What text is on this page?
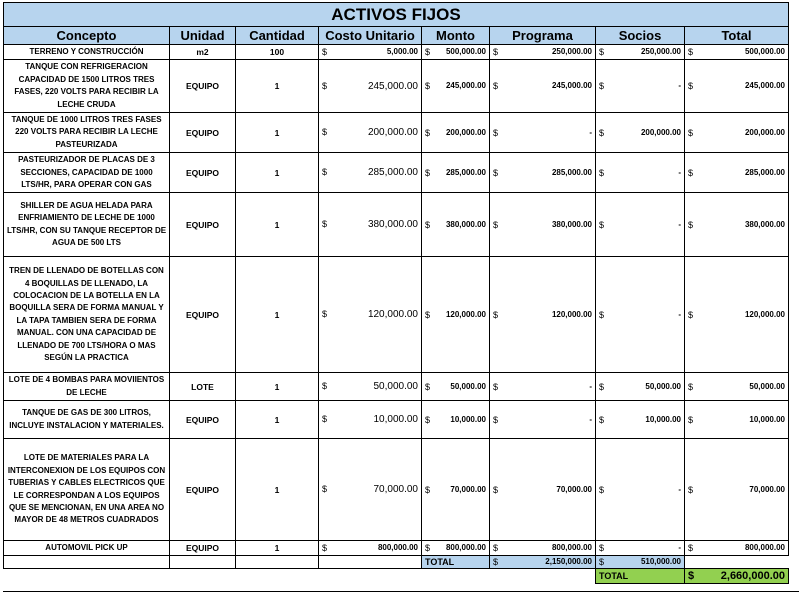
ACTIVOS FIJOS							
Concepto	Unidad	Cantidad	Costo Unitario	Monto	Programa	Socios	Total
TERRENO Y CONSTRUCCIÓN	m2	100	$ 5,000.00	$ 500,000.00	$ 250,000.00	$ 250,000.00	$ 500,000.00

TANQUE CON REFRIGERACION CAPACIDAD DE 1500 LITROS TRES FASES, 220 VOLTS PARA RECIBIR LA LECHE CRUDA	EQUIPO	1	$ 245,000.00	$ 245,000.00	$ 245,000.00	$ -	$ 245,000.00

TANQUE DE 1000 LITROS TRES FASES 220 VOLTS PARA RECIBIR LA LECHE PASTEURIZADA	EQUIPO	1	$ 200,000.00	$ 200,000.00	$ -	$ 200,000.00	$ 200,000.00

PASTEURIZADOR DE PLACAS DE 3 SECCIONES, CAPACIDAD DE 1000 LTS/HR, PARA OPERAR CON GAS	EQUIPO	1	$ 285,000.00	$ 285,000.00	$ 285,000.00	$ -	$ 285,000.00

SHILLER DE AGUA HELADA PARA ENFRIAMIENTO DE LECHE DE 1000 LTS/HR, CON SU TANQUE RECEPTOR DE AGUA DE 500 LTS	EQUIPO	1	$ 380,000.00	$ 380,000.00	$ 380,000.00	$ -	$ 380,000.00

TREN DE LLENADO DE BOTELLAS CON 4 BOQUILLAS DE LLENADO, LA COLOCACION DE LA BOTELLA EN LA BOQUILLA SERA DE FORMA MANUAL Y LA TAPA TAMBIEN SERA DE FORMA MANUAL. CON UNA CAPACIDAD DE LLENADO DE 700 LTS/HORA O MAS SEGÚN LA PRACTICA	EQUIPO	1	$ 120,000.00	$ 120,000.00	$ 120,000.00	$ -	$ 120,000.00

LOTE DE 4 BOMBAS PARA MOVIIENTOS DE LECHE	LOTE	1	$ 50,000.00	$ 50,000.00	$ -	$ 50,000.00	$ 50,000.00

TANQUE DE GAS DE 300 LITROS, INCLUYE INSTALACION Y MATERIALES.	EQUIPO	1	$ 10,000.00	$ 10,000.00	$ -	$ 10,000.00	$ 10,000.00

LOTE DE MATERIALES PARA LA INTERCONEXION DE LOS EQUIPOS CON TUBERIAS Y CABLES ELECTRICOS QUE LE CORRESPONDAN A LOS EQUIPOS QUE SE MENCIONAN, EN UNA AREA NO MAYOR DE 48 METROS CUADRADOS	EQUIPO	1	$ 70,000.00	$ 70,000.00	$ 70,000.00	$ -	$ 70,000.00

AUTOMOVIL PICK UP	EQUIPO	1	$ 800,000.00	$ 800,000.00	$ 800,000.00	$ -	$ 800,000.00

				TOTAL	$ 2,150,000.00	$ 510,000.00	

						TOTAL	$ 2,660,000.00
